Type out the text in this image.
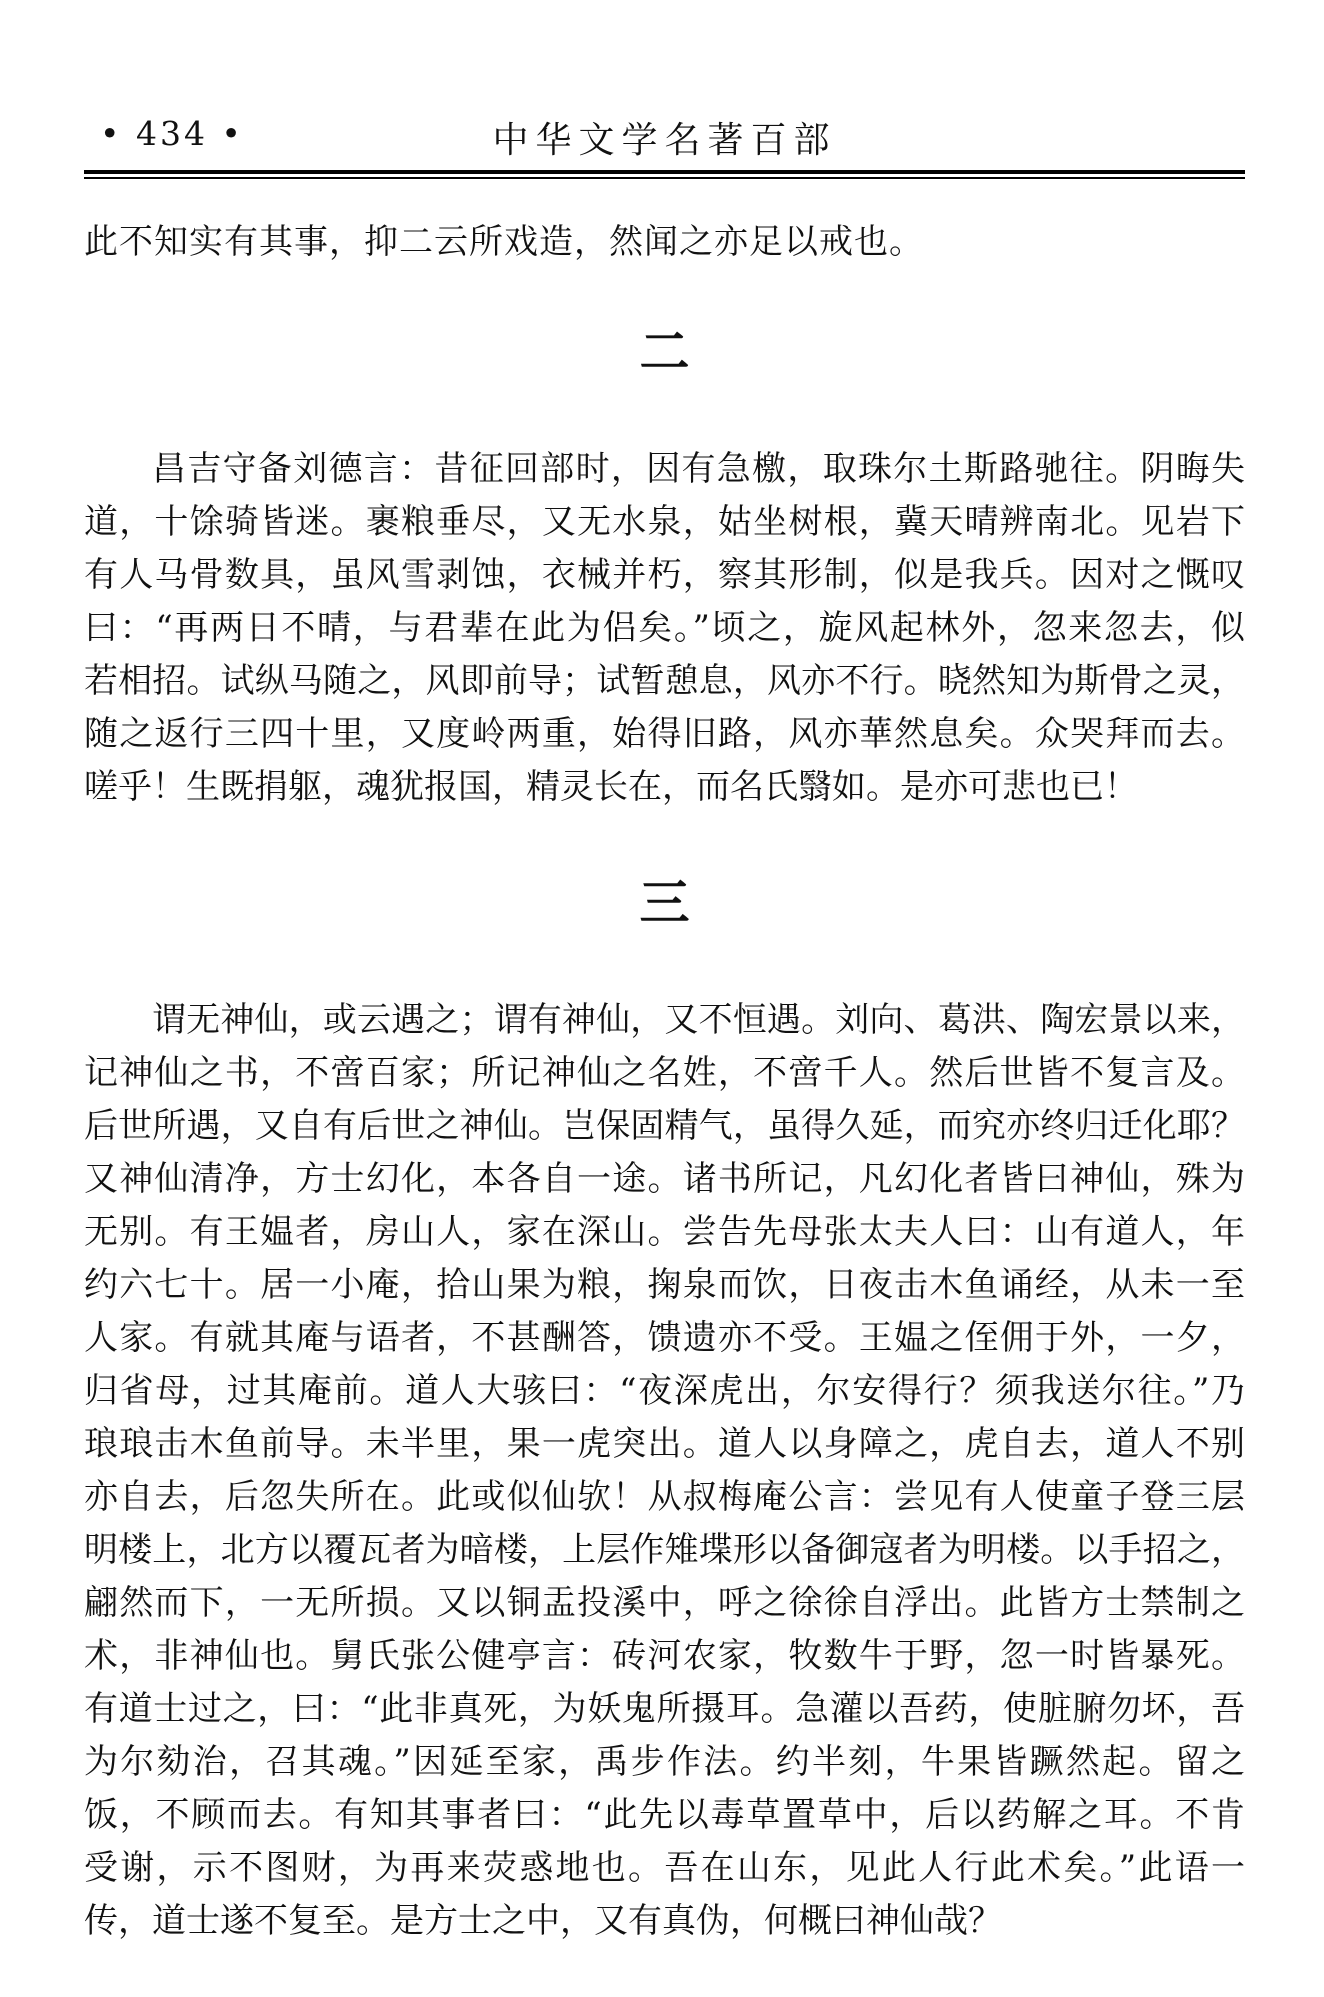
• 434 •	中华文学名著百部
此不知实有其事，抑二云所戏造，然闻之亦足以戒也。
二
昌吉守备刘德言：昔征回部时，因有急檄，取珠尔土斯路驰往。阴晦失
道，十馀骑皆迷。裹粮垂尽，又无水泉，姑坐树根，冀天晴辨南北。见岩下
有人马骨数具，虽风雪剥蚀，衣械并朽，察其形制，似是我兵。因对之慨叹
曰：“再两日不晴，与君辈在此为侣矣。”顷之，旋风起林外，忽来忽去，似
若相招。试纵马随之，风即前导；试暂憩息，风亦不行。晓然知为斯骨之灵，
随之返行三四十里，又度岭两重，始得旧路，风亦華然息矣。众哭拜而去。
嗟乎！生既捐躯，魂犹报国，精灵长在，而名氏翳如。是亦可悲也已！
三
谓无神仙，或云遇之；谓有神仙，又不恒遇。刘向、葛洪、陶宏景以来，
记神仙之书，不啻百家；所记神仙之名姓，不啻千人。然后世皆不复言及。
后世所遇，又自有后世之神仙。岂保固精气，虽得久延，而究亦终归迁化耶？
又神仙清净，方士幻化，本各自一途。诸书所记，凡幻化者皆曰神仙，殊为
无别。有王媪者，房山人，家在深山。尝告先母张太夫人曰：山有道人，年
约六七十。居一小庵，拾山果为粮，掬泉而饮，日夜击木鱼诵经，从未一至
人家。有就其庵与语者，不甚酬答，馈遗亦不受。王媪之侄佣于外，一夕，
归省母，过其庵前。道人大骇曰：“夜深虎出，尔安得行？须我送尔往。”乃
琅琅击木鱼前导。未半里，果一虎突出。道人以身障之，虎自去，道人不别
亦自去，后忽失所在。此或似仙欤！从叔梅庵公言：尝见有人使童子登三层
明楼上，北方以覆瓦者为暗楼，上层作雉堞形以备御寇者为明楼。以手招之，
翩然而下，一无所损。又以铜盂投溪中，呼之徐徐自浮出。此皆方士禁制之
术，非神仙也。舅氏张公健亭言：砖河农家，牧数牛于野，忽一时皆暴死。
有道士过之，曰：“此非真死，为妖鬼所摄耳。急灌以吾药，使脏腑勿坏，吾
为尔劾治，召其魂。”因延至家，禹步作法。约半刻，牛果皆蹶然起。留之
饭，不顾而去。有知其事者曰：“此先以毒草置草中，后以药解之耳。不肯
受谢，示不图财，为再来荧惑地也。吾在山东，见此人行此术矣。”此语一
传，道士遂不复至。是方士之中，又有真伪，何概曰神仙哉？
